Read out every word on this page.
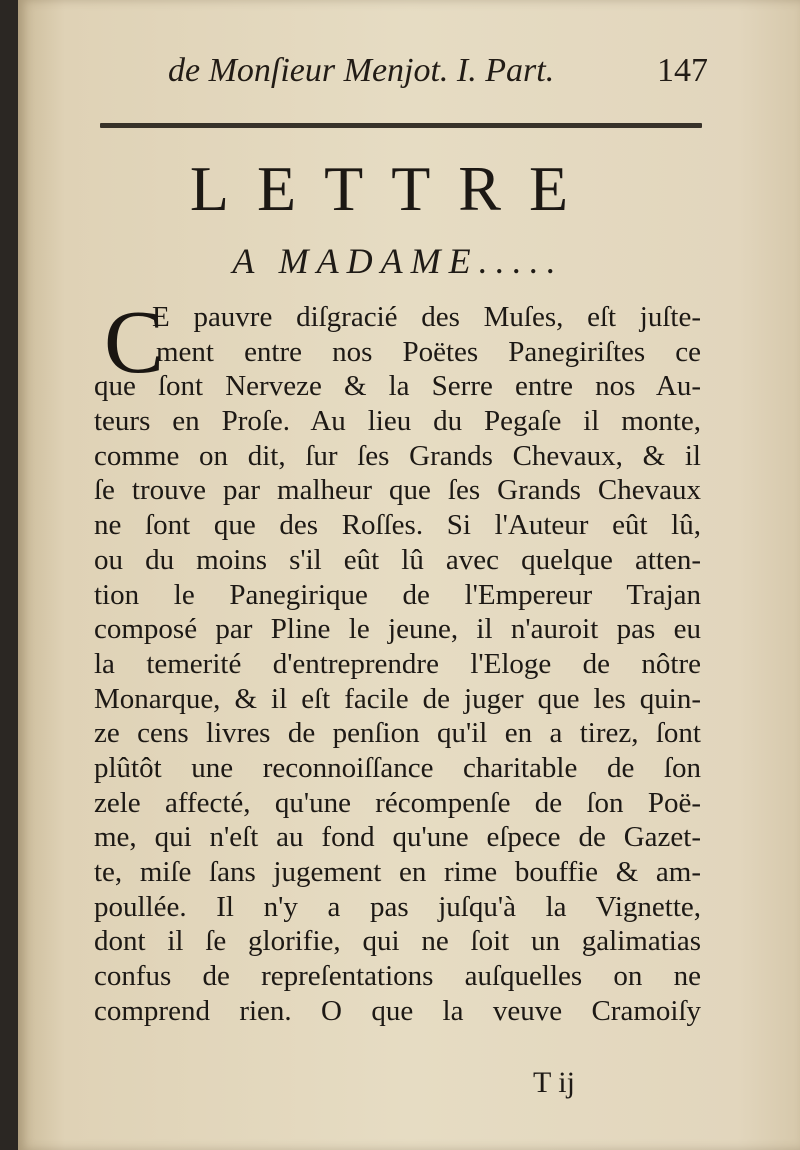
de Monſieur Menjot. I. Part.	147
LETTRE
A MADAME.....
C
E pauvre diſgracié des Muſes, eſt juſte-
ment entre nos Poëtes Panegiriſtes ce
que ſont Nerveze & la Serre entre nos Au-
teurs en Proſe. Au lieu du Pegaſe il monte,
comme on dit, ſur ſes Grands Chevaux, & il
ſe trouve par malheur que ſes Grands Chevaux
ne ſont que des Roſſes. Si l'Auteur eût lû,
ou du moins s'il eût lû avec quelque atten-
tion le Panegirique de l'Empereur Trajan
composé par Pline le jeune, il n'auroit pas eu
la temerité d'entreprendre l'Eloge de nôtre
Monarque, & il eſt facile de juger que les quin-
ze cens livres de penſion qu'il en a tirez, ſont
plûtôt une reconnoiſſance charitable de ſon
zele affecté, qu'une récompenſe de ſon Poë-
me, qui n'eſt au fond qu'une eſpece de Gazet-
te, miſe ſans jugement en rime bouffie & am-
poullée. Il n'y a pas juſqu'à la Vignette,
dont il ſe glorifie, qui ne ſoit un galimatias
confus de repreſentations auſquelles on ne
comprend rien. O que la veuve Cramoiſy
T ij
